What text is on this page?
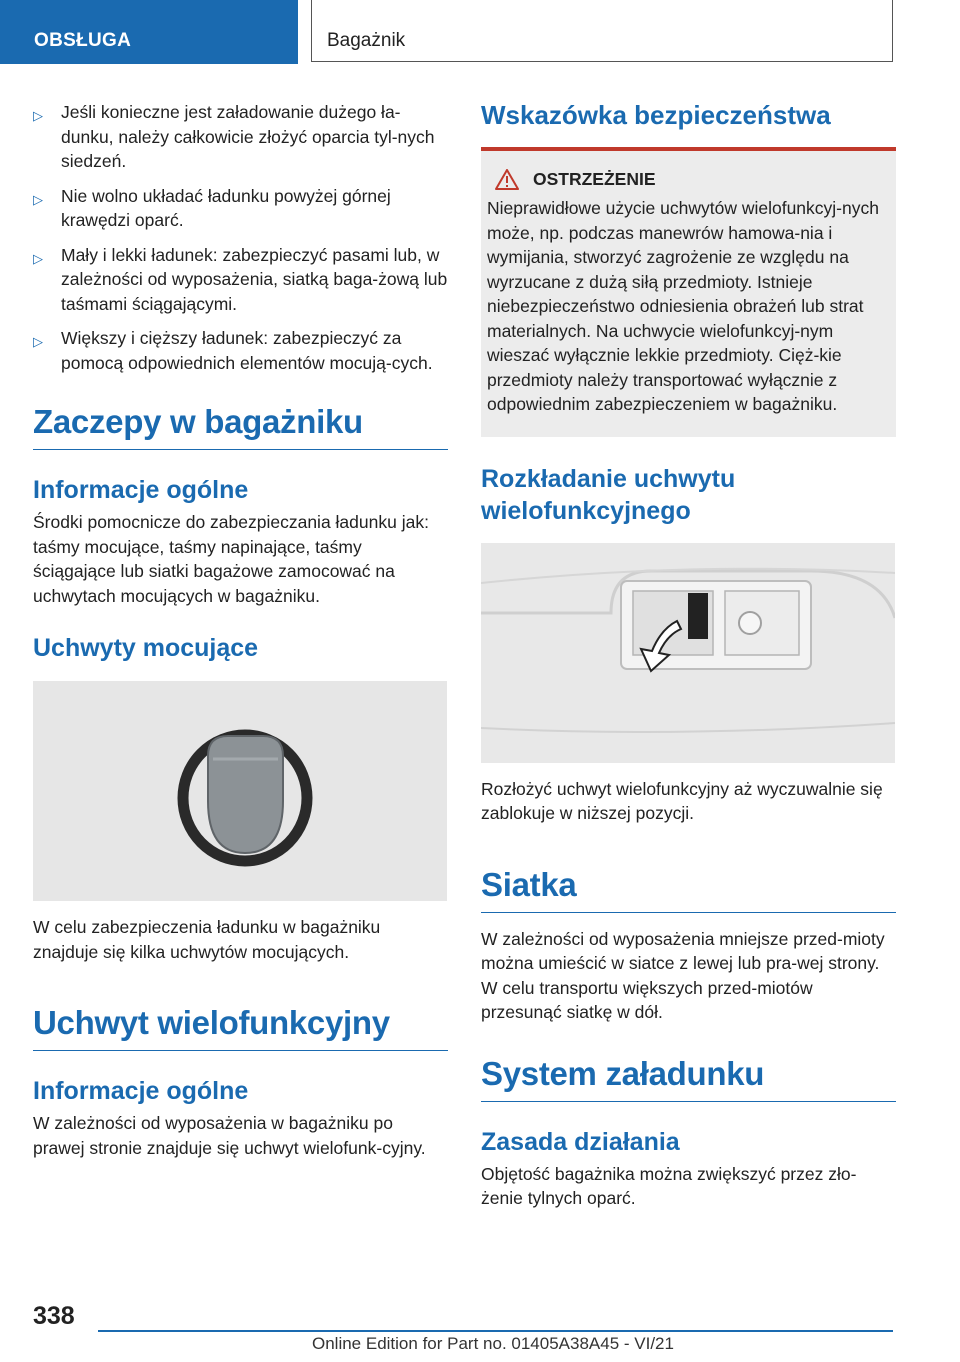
OBSŁUGA	Bagażnik
▷ Jeśli konieczne jest załadowanie dużego ła-dunku, należy całkowicie złożyć oparcia tyl-nych siedzeń.
▷ Nie wolno układać ładunku powyżej górnej krawędzi oparć.
▷ Mały i lekki ładunek: zabezpieczyć pasami lub, w zależności od wyposażenia, siatką baga-żową lub taśmami ściągającymi.
▷ Większy i cięższy ładunek: zabezpieczyć za pomocą odpowiednich elementów mocują-cych.
Zaczepy w bagażniku
Informacje ogólne

Środki pomocnicze do zabezpieczania ładunku jak: taśmy mocujące, taśmy napinające, taśmy ściągające lub siatki bagażowe zamocować na uchwytach mocujących w bagażniku.

Uchwyty mocujące

W celu zabezpieczenia ładunku w bagażniku znajduje się kilka uchwytów mocujących.

Uchwyt wielofunkcyjny
Informacje ogólne

W zależności od wyposażenia w bagażniku po prawej stronie znajduje się uchwyt wielofunk-cyjny.

Wskazówka bezpieczeństwa
OSTRZEŻENIE

Nieprawidłowe użycie uchwytów wielofunkcyj-nych może, np. podczas manewrów hamowa-nia i wymijania, stworzyć zagrożenie ze względu na wyrzucane z dużą siłą przedmioty. Istnieje niebezpieczeństwo odniesienia obrażeń lub strat materialnych. Na uchwycie wielofunkcyj-nym wieszać wyłącznie lekkie przedmioty. Cięż-kie przedmioty należy transportować wyłącznie z odpowiednim zabezpieczeniem w bagażniku.

Rozkładanie uchwytu wielofunkcyjnego

Rozłożyć uchwyt wielofunkcyjny aż wyczuwalnie się zablokuje w niższej pozycji.

Siatka

W zależności od wyposażenia mniejsze przed-mioty można umieścić w siatce z lewej lub pra-wej strony. W celu transportu większych przed-miotów przesunąć siatkę w dół.

System załadunku
Zasada działania

Objętość bagażnika można zwiększyć przez zło-żenie tylnych oparć.

338
Online Edition for Part no. 01405A38A45 - VI/21
